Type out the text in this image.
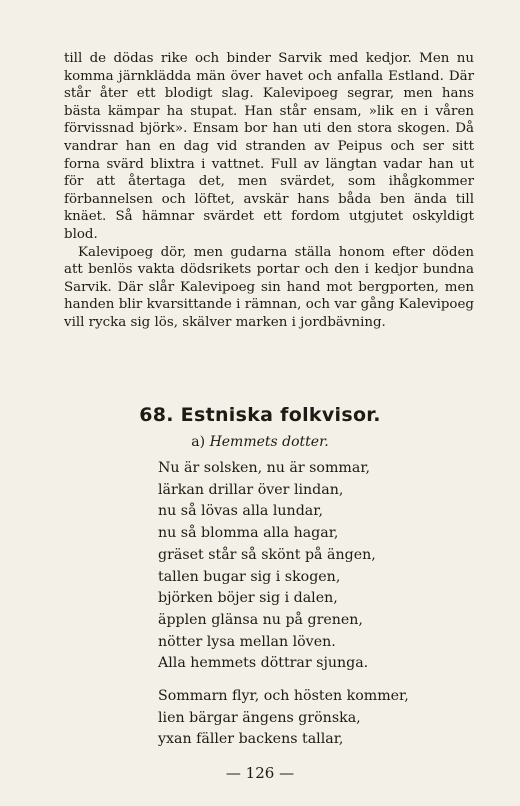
till de dödas rike och binder Sarvik med kedjor. Men nu komma järnklädda män över havet och anfalla Estland. Där står åter ett blodigt slag. Kalevipoeg segrar, men hans bästa kämpar ha stupat. Han står ensam, »lik en i våren förvissnad björk». Ensam bor han uti den stora skogen. Då vandrar han en dag vid stranden av Peipus och ser sitt forna svärd blixtra i vattnet. Full av längtan vadar han ut för att återtaga det, men svärdet, som ihågkommer förbannelsen och löftet, avskär hans båda ben ända till knäet. Så hämnar svärdet ett fordom utgjutet oskyldigt blod.

Kalevipoeg dör, men gudarna ställa honom efter döden att benlös vakta dödsrikets portar och den i kedjor bundna Sarvik. Där slår Kalevipoeg sin hand mot bergporten, men handen blir kvarsittande i rämnan, och var gång Kalevipoeg vill rycka sig lös, skälver marken i jordbävning.

68. Estniska folkvisor.
a) Hemmets dotter.
Nu är solsken, nu är sommar,
lärkan drillar över lindan,
nu så lövas alla lundar,
nu så blomma alla hagar,
gräset står så skönt på ängen,
tallen bugar sig i skogen,
björken böjer sig i dalen,
äpplen glänsa nu på grenen,
nötter lysa mellan löven.
Alla hemmets döttrar sjunga.
Sommarn flyr, och hösten kommer,
lien bärgar ängens grönska,
yxan fäller backens tallar,
— 126 —
